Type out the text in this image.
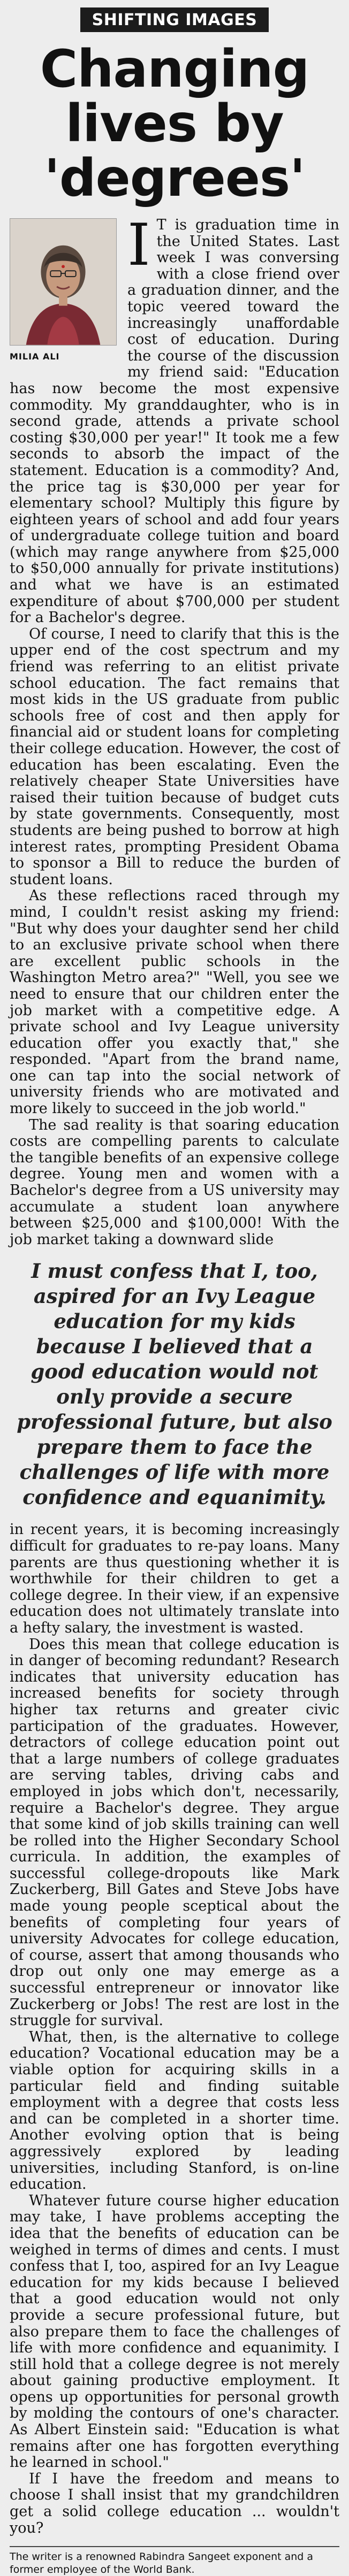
SHIFTING IMAGES
Changing lives by 'degrees'
MILIA ALI

I T is graduation time in the United States. Last week I was conversing with a close friend over a graduation dinner, and the topic veered toward the increasingly unaffordable cost of education. During the course of the discussion my friend said: "Education has now become the most expensive commodity. My granddaughter, who is in second grade, attends a private school costing $30,000 per year!" It took me a few seconds to absorb the impact of the statement. Education is a commodity? And, the price tag is $30,000 per year for elementary school? Multiply this figure by eighteen years of school and add four years of undergraduate college tuition and board (which may range anywhere from $25,000 to $50,000 annually for private institutions) and what we have is an estimated expenditure of about $700,000 per student for a Bachelor's degree.

Of course, I need to clarify that this is the upper end of the cost spectrum and my friend was referring to an elitist private school education. The fact remains that most kids in the US graduate from public schools free of cost and then apply for financial aid or student loans for completing their college education. However, the cost of education has been escalating. Even the relatively cheaper State Universities have raised their tuition because of budget cuts by state governments. Consequently, most students are being pushed to borrow at high interest rates, prompting President Obama to sponsor a Bill to reduce the burden of student loans.

As these reflections raced through my mind, I couldn't resist asking my friend: "But why does your daughter send her child to an exclusive private school when there are excellent public schools in the Washington Metro area?" "Well, you see we need to ensure that our children enter the job market with a competitive edge. A private school and Ivy League university education offer you exactly that," she responded. "Apart from the brand name, one can tap into the social network of university friends who are motivated and more likely to succeed in the job world."

The sad reality is that soaring education costs are compelling parents to calculate the tangible benefits of an expensive college degree. Young men and women with a Bachelor's degree from a US university may accumulate a student loan anywhere between $25,000 and $100,000! With the job market taking a downward slide

I must confess that I, too, aspired for an Ivy League education for my kids because I believed that a good education would not only provide a secure professional future, but also prepare them to face the challenges of life with more confidence and equanimity.

in recent years, it is becoming increasingly difficult for graduates to re-pay loans. Many parents are thus questioning whether it is worthwhile for their children to get a college degree. In their view, if an expensive education does not ultimately translate into a hefty salary, the investment is wasted.

Does this mean that college education is in danger of becoming redundant? Research indicates that university education has increased benefits for society through higher tax returns and greater civic participation of the graduates. However, detractors of college education point out that a large numbers of college graduates are serving tables, driving cabs and employed in jobs which don't, necessarily, require a Bachelor's degree. They argue that some kind of job skills training can well be rolled into the Higher Secondary School curricula. In addition, the examples of successful college-dropouts like Mark Zuckerberg, Bill Gates and Steve Jobs have made young people sceptical about the benefits of completing four years of university Advocates for college education, of course, assert that among thousands who drop out only one may emerge as a successful entrepreneur or innovator like Zuckerberg or Jobs! The rest are lost in the struggle for survival.

What, then, is the alternative to college education? Vocational education may be a viable option for acquiring skills in a particular field and finding suitable employment with a degree that costs less and can be completed in a shorter time. Another evolving option that is being aggressively explored by leading universities, including Stanford, is on-line education.

Whatever future course higher education may take, I have problems accepting the idea that the benefits of education can be weighed in terms of dimes and cents. I must confess that I, too, aspired for an Ivy League education for my kids because I believed that a good education would not only provide a secure professional future, but also prepare them to face the challenges of life with more confidence and equanimity. I still hold that a college degree is not merely about gaining productive employment. It opens up opportunities for personal growth by molding the contours of one's character. As Albert Einstein said: "Education is what remains after one has forgotten everything he learned in school."

If I have the freedom and means to choose I shall insist that my grandchildren get a solid college education ... wouldn't you?

The writer is a renowned Rabindra Sangeet exponent and a former employee of the World Bank.
